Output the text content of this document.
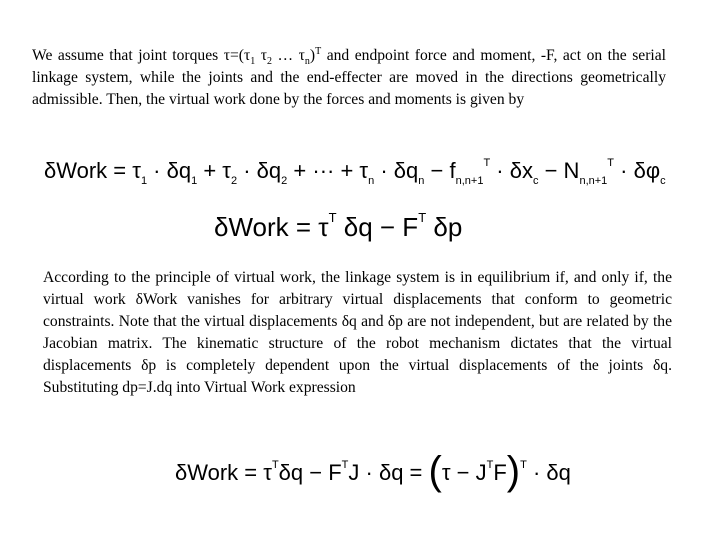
We assume that joint torques $\tau=(\tau_1$ $\tau_2$ … $\tau_n)^T$ and endpoint force and moment, -F, act on the serial linkage system, while the joints and the end-effecter are moved in the directions geometrically admissible. Then, the virtual work done by the forces and moments is given by
δWork = $\tau_1 \cdot \delta q_1 + \tau_2 \cdot \delta q_2$ + ··· + $\tau_n \cdot \delta q_n - f_{n,n+1}^T \cdot \delta x_c - N_{n,n+1}^T \cdot \delta\varphi_c$
δWork = $\tau^T$ $\delta q - F^T$ δp
According to the principle of virtual work, the linkage system is in equilibrium if, and only if, the virtual work δWork vanishes for arbitrary virtual displacements that conform to geometric constraints. Note that the virtual displacements δq and δp are not independent, but are related by the Jacobian matrix. The kinematic structure of the robot mechanism dictates that the virtual displacements δp is completely dependent upon the virtual displacements of the joints δq. Substituting dp=J.dq into Virtual Work expression
δWork = $\tau^T\delta q - F^TJ \cdot \delta q = (\tau - J^TF)^T \cdot \delta q$
